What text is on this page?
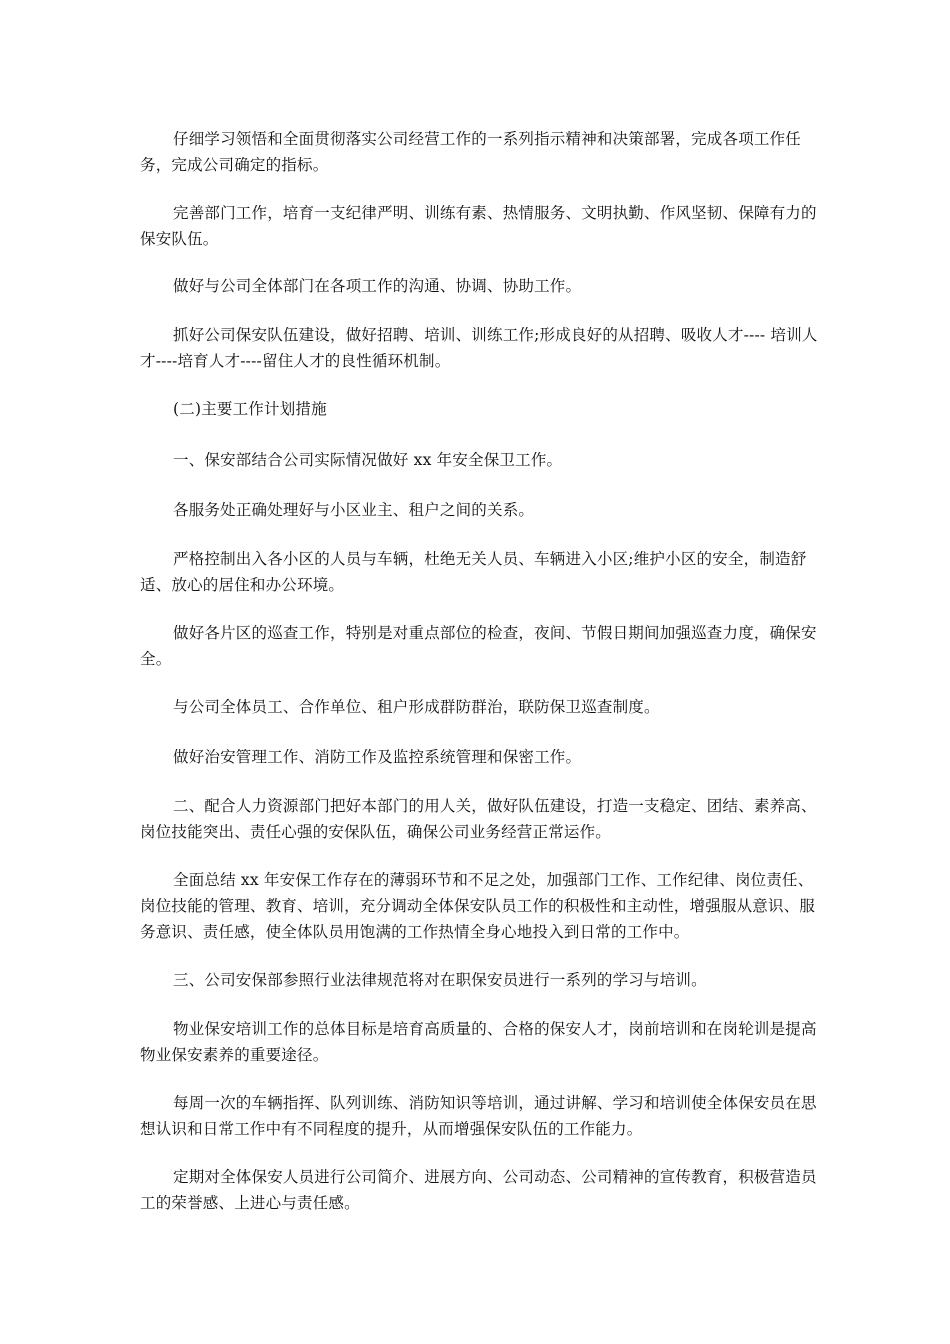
仔细学习领悟和全面贯彻落实公司经营工作的一系列指示精神和决策部署，完成各项工作任务，完成公司确定的指标。

完善部门工作，培育一支纪律严明、训练有素、热情服务、文明执勤、作风坚韧、保障有力的保安队伍。

做好与公司全体部门在各项工作的沟通、协调、协助工作。

抓好公司保安队伍建设，做好招聘、培训、训练工作;形成良好的从招聘、吸收人才---- 培训人才----培育人才----留住人才的良性循环机制。

(二)主要工作计划措施

一、保安部结合公司实际情况做好 xx 年安全保卫工作。

各服务处正确处理好与小区业主、租户之间的关系。

严格控制出入各小区的人员与车辆，杜绝无关人员、车辆进入小区;维护小区的安全，制造舒适、放心的居住和办公环境。

做好各片区的巡查工作，特别是对重点部位的检查，夜间、节假日期间加强巡查力度，确保安全。

与公司全体员工、合作单位、租户形成群防群治，联防保卫巡查制度。

做好治安管理工作、消防工作及监控系统管理和保密工作。

二、配合人力资源部门把好本部门的用人关，做好队伍建设，打造一支稳定、团结、素养高、岗位技能突出、责任心强的安保队伍，确保公司业务经营正常运作。

全面总结 xx 年安保工作存在的薄弱环节和不足之处，加强部门工作、工作纪律、岗位责任、岗位技能的管理、教育、培训，充分调动全体保安队员工作的积极性和主动性，增强服从意识、服务意识、责任感，使全体队员用饱满的工作热情全身心地投入到日常的工作中。

三、公司安保部参照行业法律规范将对在职保安员进行一系列的学习与培训。

物业保安培训工作的总体目标是培育高质量的、合格的保安人才，岗前培训和在岗轮训是提高物业保安素养的重要途径。

每周一次的车辆指挥、队列训练、消防知识等培训，通过讲解、学习和培训使全体保安员在思想认识和日常工作中有不同程度的提升，从而增强保安队伍的工作能力。

定期对全体保安人员进行公司简介、进展方向、公司动态、公司精神的宣传教育，积极营造员工的荣誉感、上进心与责任感。
